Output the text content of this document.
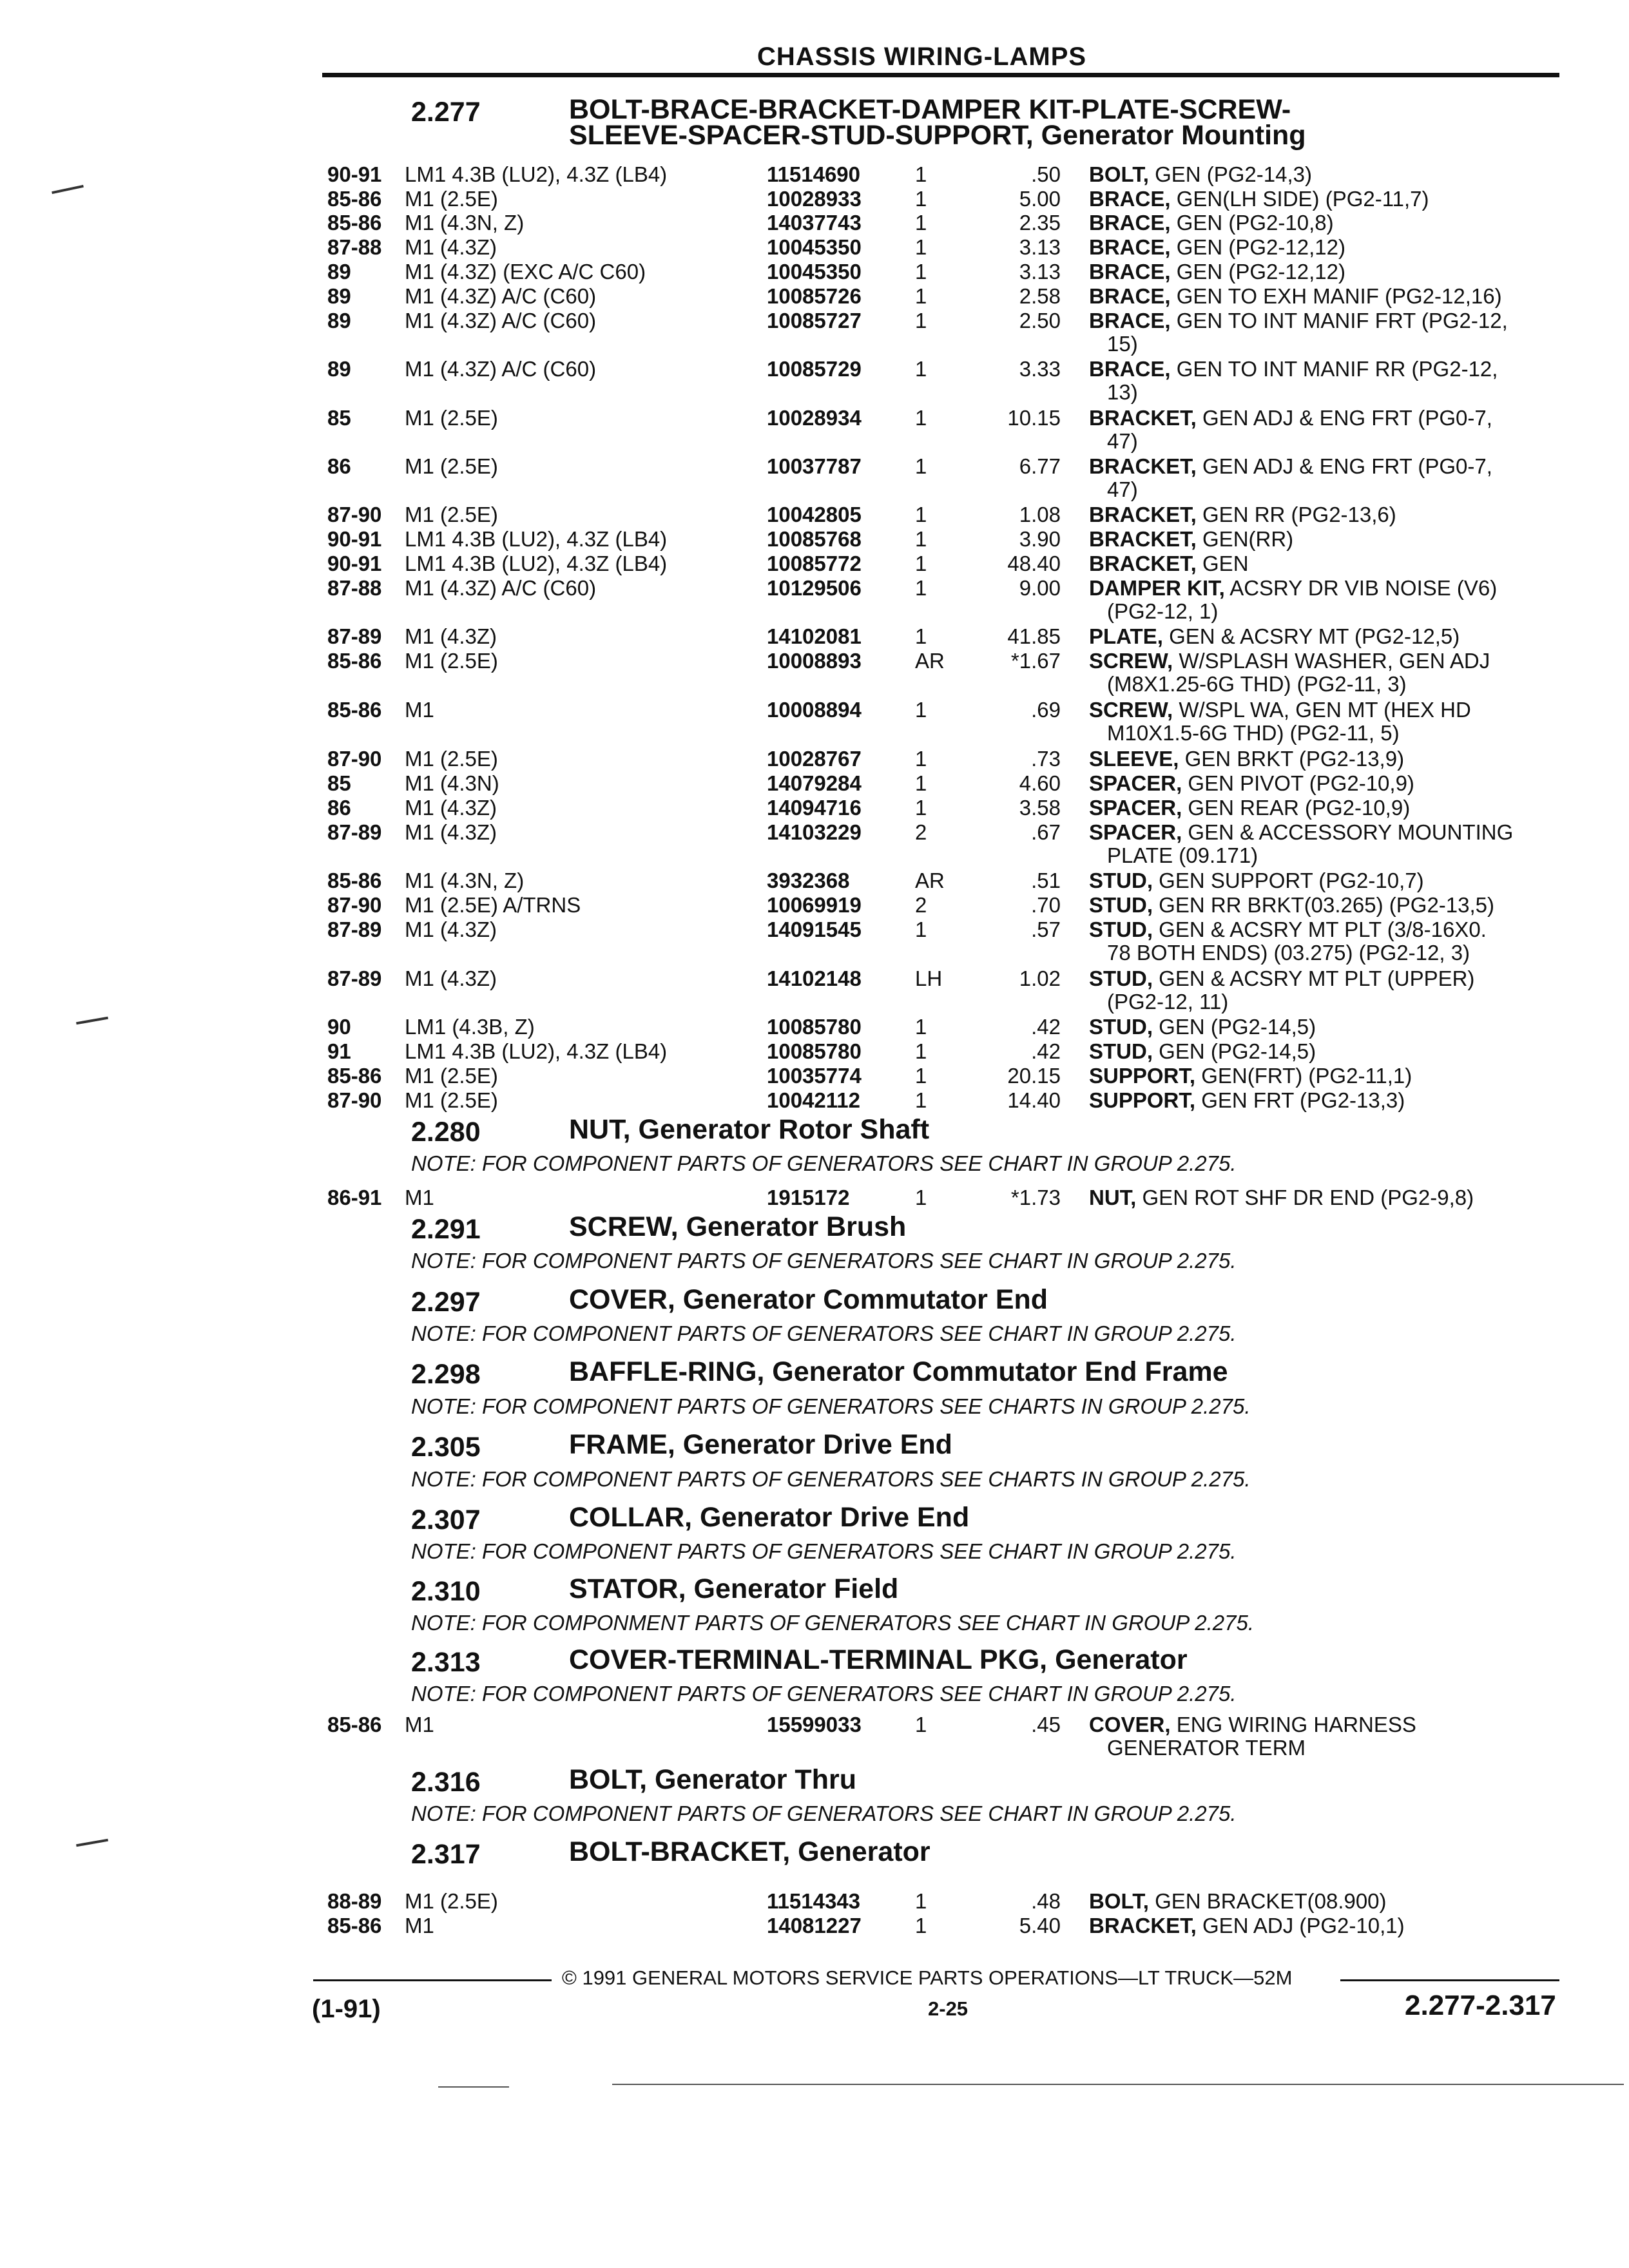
CHASSIS WIRING-LAMPS
2.277	BOLT-BRACE-BRACKET-DAMPER KIT-PLATE-SCREW-
SLEEVE-SPACER-STUD-SUPPORT, Generator Mounting
2.280	NUT, Generator Rotor Shaft
NOTE: FOR COMPONENT PARTS OF GENERATORS SEE CHART IN GROUP 2.275.
2.291	SCREW, Generator Brush
NOTE: FOR COMPONENT PARTS OF GENERATORS SEE CHART IN GROUP 2.275.
2.297	COVER, Generator Commutator End
NOTE: FOR COMPONENT PARTS OF GENERATORS SEE CHART IN GROUP 2.275.
2.298	BAFFLE-RING, Generator Commutator End Frame
NOTE: FOR COMPONENT PARTS OF GENERATORS SEE CHARTS IN GROUP 2.275.
2.305	FRAME, Generator Drive End
NOTE: FOR COMPONENT PARTS OF GENERATORS SEE CHARTS IN GROUP 2.275.
2.307	COLLAR, Generator Drive End
NOTE: FOR COMPONENT PARTS OF GENERATORS SEE CHART IN GROUP 2.275.
2.310	STATOR, Generator Field
NOTE: FOR COMPONMENT PARTS OF GENERATORS SEE CHART IN GROUP 2.275.
2.313	COVER-TERMINAL-TERMINAL PKG, Generator
NOTE: FOR COMPONENT PARTS OF GENERATORS SEE CHART IN GROUP 2.275.
2.316	BOLT, Generator Thru
NOTE: FOR COMPONENT PARTS OF GENERATORS SEE CHART IN GROUP 2.275.
2.317	BOLT-BRACKET, Generator
90-91 LM1 4.3B (LU2), 4.3Z (LB4)	11514690	1	.50 BOLT, GEN (PG2-14,3)
85-86 M1 (2.5E)	10028933	1	5.00 BRACE, GEN(LH SIDE) (PG2-11,7)
85-86 M1 (4.3N, Z)	14037743	1	2.35 BRACE, GEN (PG2-10,8)
87-88 M1 (4.3Z)	10045350	1	3.13 BRACE, GEN (PG2-12,12)
89	M1 (4.3Z) (EXC A/C C60)	10045350	1	3.13 BRACE, GEN (PG2-12,12)
89	M1 (4.3Z) A/C (C60)	10085726	1	2.58 BRACE, GEN TO EXH MANIF (PG2-12,16)
89	M1 (4.3Z) A/C (C60)	10085727	1	2.50 BRACE, GEN TO INT MANIF FRT (PG2-12,
15)
89	M1 (4.3Z) A/C (C60)	10085729	1	3.33 BRACE, GEN TO INT MANIF RR (PG2-12,
13)
85	M1 (2.5E)	10028934	1	10.15 BRACKET, GEN ADJ & ENG FRT (PG0-7,
47)
86	M1 (2.5E)	10037787	1	6.77 BRACKET, GEN ADJ & ENG FRT (PG0-7,
47)
87-90 M1 (2.5E)	10042805	1	1.08 BRACKET, GEN RR (PG2-13,6)
90-91 LM1 4.3B (LU2), 4.3Z (LB4)	10085768	1	3.90 BRACKET, GEN(RR)
90-91 LM1 4.3B (LU2), 4.3Z (LB4)	10085772	1	48.40 BRACKET, GEN
87-88 M1 (4.3Z) A/C (C60)	10129506	1	9.00 DAMPER KIT, ACSRY DR VIB NOISE (V6)
(PG2-12, 1)
87-89 M1 (4.3Z)	14102081	1	41.85 PLATE, GEN & ACSRY MT (PG2-12,5)
85-86 M1 (2.5E)	10008893	AR	*1.67 SCREW, W/SPLASH WASHER, GEN ADJ
(M8X1.25-6G THD) (PG2-11, 3)
85-86 M1	10008894	1	.69 SCREW, W/SPL WA, GEN MT (HEX HD
M10X1.5-6G THD) (PG2-11, 5)
87-90 M1 (2.5E)	10028767	1	.73 SLEEVE, GEN BRKT (PG2-13,9)
85	M1 (4.3N)	14079284	1	4.60 SPACER, GEN PIVOT (PG2-10,9)
86	M1 (4.3Z)	14094716	1	3.58 SPACER, GEN REAR (PG2-10,9)
87-89 M1 (4.3Z)	14103229	2	.67 SPACER, GEN & ACCESSORY MOUNTING
PLATE (09.171)
85-86 M1 (4.3N, Z)	3932368	AR	.51 STUD, GEN SUPPORT (PG2-10,7)
87-90 M1 (2.5E) A/TRNS	10069919	2	.70 STUD, GEN RR BRKT(03.265) (PG2-13,5)
87-89 M1 (4.3Z)	14091545	1	.57 STUD, GEN & ACSRY MT PLT (3/8-16X0.
78 BOTH ENDS) (03.275) (PG2-12, 3)
87-89 M1 (4.3Z)	14102148	LH	1.02 STUD, GEN & ACSRY MT PLT (UPPER)
(PG2-12, 11)
90	LM1 (4.3B, Z)	10085780	1	.42 STUD, GEN (PG2-14,5)
91	LM1 4.3B (LU2), 4.3Z (LB4)	10085780	1	.42 STUD, GEN (PG2-14,5)
85-86 M1 (2.5E)	10035774	1	20.15 SUPPORT, GEN(FRT) (PG2-11,1)
87-90 M1 (2.5E)	10042112	1	14.40 SUPPORT, GEN FRT (PG2-13,3)
86-91 M1	1915172	1	*1.73 NUT, GEN ROT SHF DR END (PG2-9,8)
85-86 M1	15599033	1	.45 COVER, ENG WIRING HARNESS
GENERATOR TERM
88-89 M1 (2.5E)	11514343	1	.48 BOLT, GEN BRACKET(08.900)
85-86 M1	14081227	1	5.40 BRACKET, GEN ADJ (PG2-10,1)
© 1991 GENERAL MOTORS SERVICE PARTS OPERATIONS—LT TRUCK—52M
(1-91)	2-25	2.277-2.317
